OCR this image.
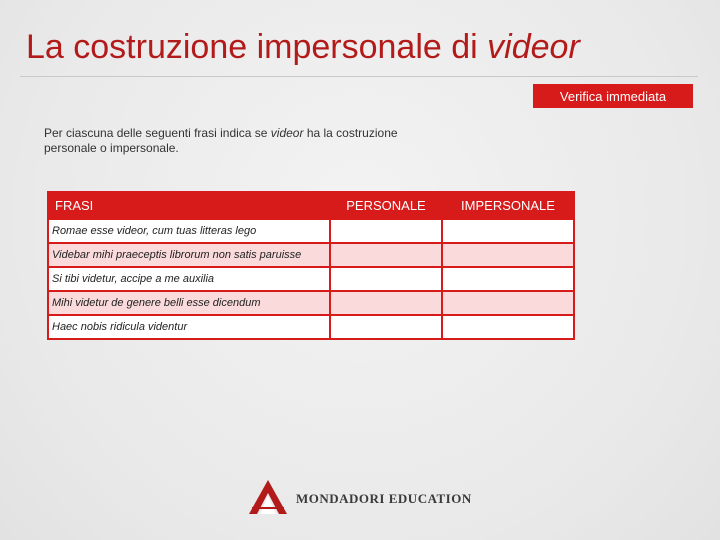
La costruzione impersonale di videor
Verifica immediata
Per ciascuna delle seguenti frasi indica se videor ha la costruzione personale o impersonale.
FRASI	PERSONALE	IMPERSONALE
Romae esse videor, cum tuas litteras lego		
Videbar mihi praeceptis librorum non satis paruisse		
Si tibi videtur, accipe a me auxilia		
Mihi videtur de genere belli esse dicendum		
Haec nobis ridicula videntur		
MONDADORI EDUCATION
